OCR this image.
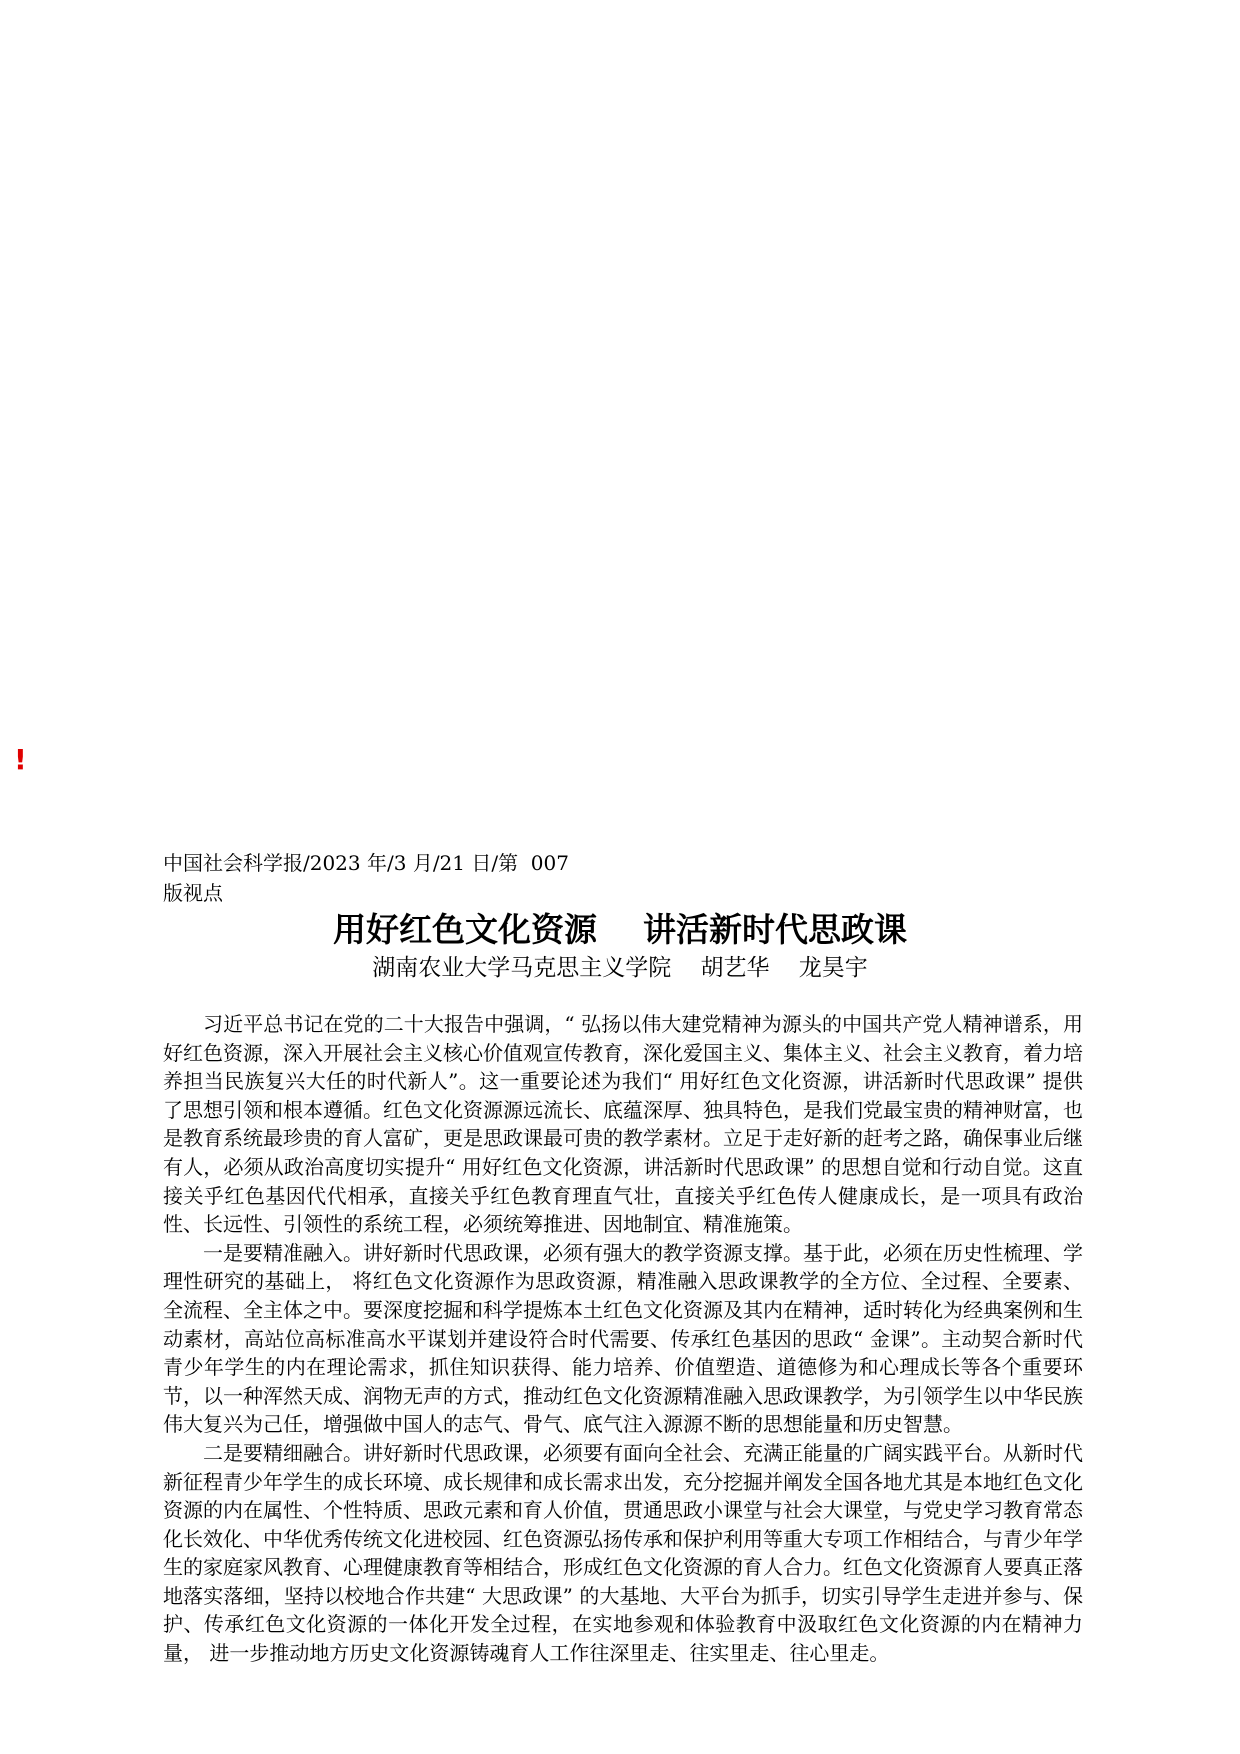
!
中国社会科学报/2023 年/3 月/21 日/第  007
版视点
用好红色文化资源    讲活新时代思政课
湖南农业大学马克思主义学院    胡艺华    龙昊宇

习近平总书记在党的二十大报告中强调，“ 弘扬以伟大建党精神为源头的中国共产党人精神谱系，用好红色资源，深入开展社会主义核心价值观宣传教育，深化爱国主义、集体主义、社会主义教育，着力培养担当民族复兴大任的时代新人”。这一重要论述为我们“ 用好红色文化资源，讲活新时代思政课” 提供了思想引领和根本遵循。红色文化资源源远流长、底蕴深厚、独具特色，是我们党最宝贵的精神财富，也是教育系统最珍贵的育人富矿，更是思政课最可贵的教学素材。立足于走好新的赶考之路，确保事业后继有人，必须从政治高度切实提升“ 用好红色文化资源，讲活新时代思政课” 的思想自觉和行动自觉。这直接关乎红色基因代代相承，直接关乎红色教育理直气壮，直接关乎红色传人健康成长，是一项具有政治性、长远性、引领性的系统工程，必须统筹推进、因地制宜、精准施策。

一是要精准融入。讲好新时代思政课，必须有强大的教学资源支撑。基于此，必须在历史性梳理、学理性研究的基础上， 将红色文化资源作为思政资源，精准融入思政课教学的全方位、全过程、全要素、全流程、全主体之中。要深度挖掘和科学提炼本土红色文化资源及其内在精神，适时转化为经典案例和生动素材，高站位高标准高水平谋划并建设符合时代需要、传承红色基因的思政“ 金课”。主动契合新时代青少年学生的内在理论需求，抓住知识获得、能力培养、价值塑造、道德修为和心理成长等各个重要环节，以一种浑然天成、润物无声的方式，推动红色文化资源精准融入思政课教学，为引领学生以中华民族伟大复兴为己任，增强做中国人的志气、骨气、底气注入源源不断的思想能量和历史智慧。

二是要精细融合。讲好新时代思政课，必须要有面向全社会、充满正能量的广阔实践平台。从新时代新征程青少年学生的成长环境、成长规律和成长需求出发，充分挖掘并阐发全国各地尤其是本地红色文化资源的内在属性、个性特质、思政元素和育人价值，贯通思政小课堂与社会大课堂，与党史学习教育常态化长效化、中华优秀传统文化进校园、红色资源弘扬传承和保护利用等重大专项工作相结合，与青少年学生的家庭家风教育、心理健康教育等相结合，形成红色文化资源的育人合力。红色文化资源育人要真正落地落实落细，坚持以校地合作共建“ 大思政课” 的大基地、大平台为抓手，切实引导学生走进并参与、保护、传承红色文化资源的一体化开发全过程，在实地参观和体验教育中汲取红色文化资源的内在精神力量， 进一步推动地方历史文化资源铸魂育人工作往深里走、往实里走、往心里走。
